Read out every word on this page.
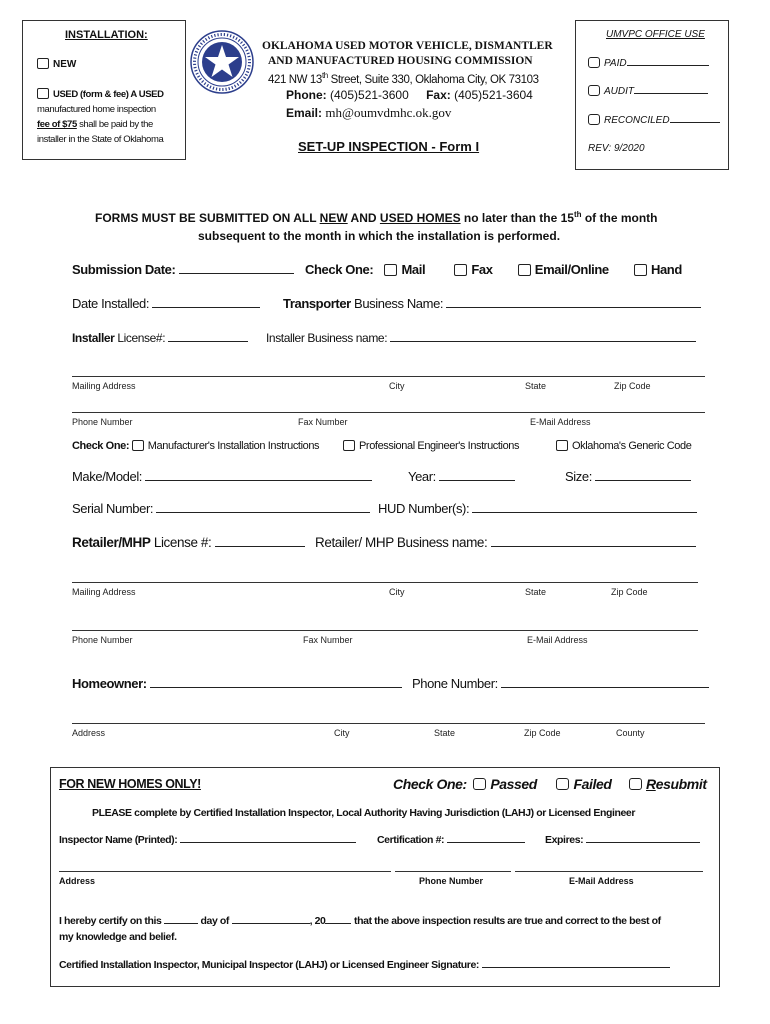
INSTALLATION:
NEW
USED (form & fee) A USED
manufactured home inspection
fee of $75 shall be paid by the
installer in the State of Oklahoma
OKLAHOMA USED MOTOR VEHICLE, DISMANTLER
AND MANUFACTURED HOUSING COMMISSION
421 NW 13th Street, Suite 330, Oklahoma City, OK 73103
Phone: (405)521-3600 Fax: (405)521-3604
Email: mh@oumvdmhc.ok.gov
SET-UP INSPECTION - Form I
UMVPC OFFICE USE
PAID
AUDIT
RECONCILED
REV: 9/2020
FORMS MUST BE SUBMITTED ON ALL NEW AND USED HOMES no later than the 15th of the month
subsequent to the month in which the installation is performed.
Submission Date:	Check One: Mail	Fax	Email/Online	Hand
Date Installed:	Transporter Business Name:
Installer License#:	Installer Business name:
Mailing Address	City	State	Zip Code
Phone Number	Fax Number	E-Mail Address
Check One: Manufacturer's Installation Instructions	Professional Engineer's Instructions	Oklahoma's Generic Code
Make/Model:	Year:	Size:
Serial Number:	HUD Number(s):
Retailer/MHP License #:	Retailer/ MHP Business name:
Mailing Address	City	State	Zip Code
Phone Number	Fax Number	E-Mail Address
Homeowner:	Phone Number:
Address	City	State	Zip Code	County
FOR NEW HOMES ONLY!	Check One: Passed	Failed Resubmit
PLEASE complete by Certified Installation Inspector, Local Authority Having Jurisdiction (LAHJ) or Licensed Engineer
Inspector Name (Printed):	Certification #:	Expires:
Address	Phone Number	E-Mail Address
I hereby certify on this	day of	, 20	that the above inspection results are true and correct to the best of
my knowledge and belief.
Certified Installation Inspector, Municipal Inspector (LAHJ) or Licensed Engineer Signature:
